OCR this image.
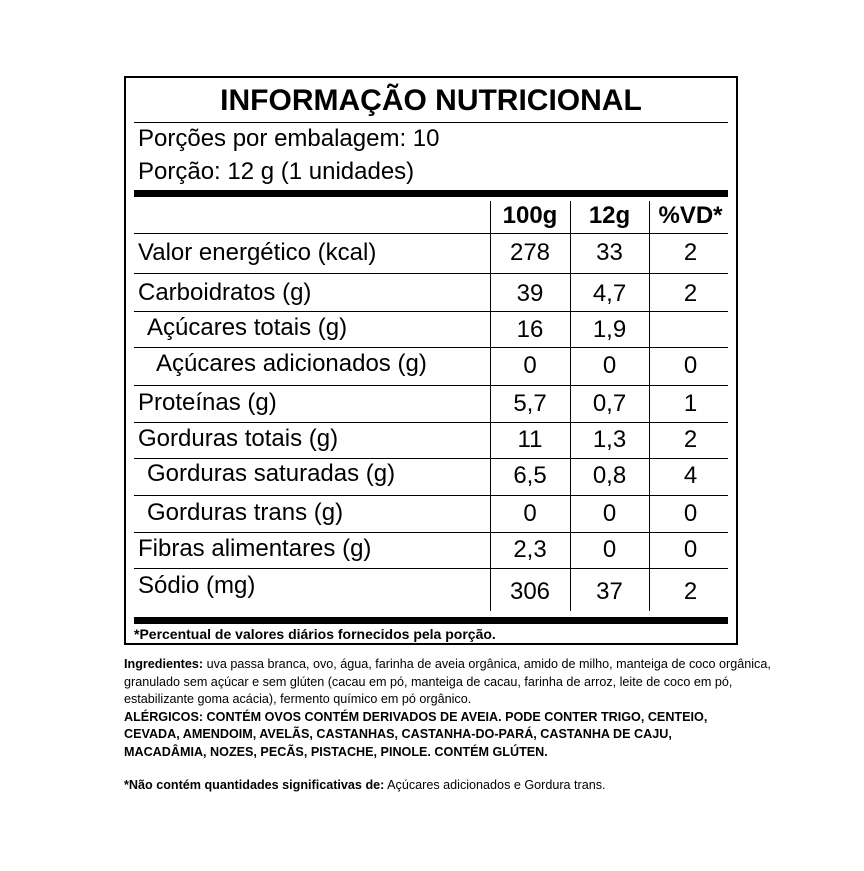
INFORMAÇÃO NUTRICIONAL
Porções por embalagem: 10
Porção: 12 g (1 unidades)
100g	12g	%VD*
Valor energético (kcal)	278	33	2
Carboidratos (g)	39	4,7	2
Açúcares totais (g)	16	1,9
Açúcares adicionados (g)	0	0	0
Proteínas (g)	5,7	0,7	1
Gorduras totais (g)	11	1,3	2
Gorduras saturadas (g)	6,5	0,8	4
Gorduras trans (g)	0	0	0
Fibras alimentares (g)	2,3	0	0
Sódio (mg)	306	37	2
*Percentual de valores diários fornecidos pela porção.
Ingredientes: uva passa branca, ovo, água, farinha de aveia orgânica, amido de milho, manteiga de coco orgânica, granulado sem açúcar e sem glúten (cacau em pó, manteiga de cacau, farinha de arroz, leite de coco em pó, estabilizante goma acácia), fermento químico em pó orgânico.
ALÉRGICOS: CONTÉM OVOS CONTÉM DERIVADOS DE AVEIA. PODE CONTER TRIGO, CENTEIO,
CEVADA, AMENDOIM, AVELÃS, CASTANHAS, CASTANHA-DO-PARÁ, CASTANHA DE CAJU,
MACADÂMIA, NOZES, PECÃS, PISTACHE, PINOLE. CONTÉM GLÚTEN.
*Não contém quantidades significativas de: Açúcares adicionados e Gordura trans.
